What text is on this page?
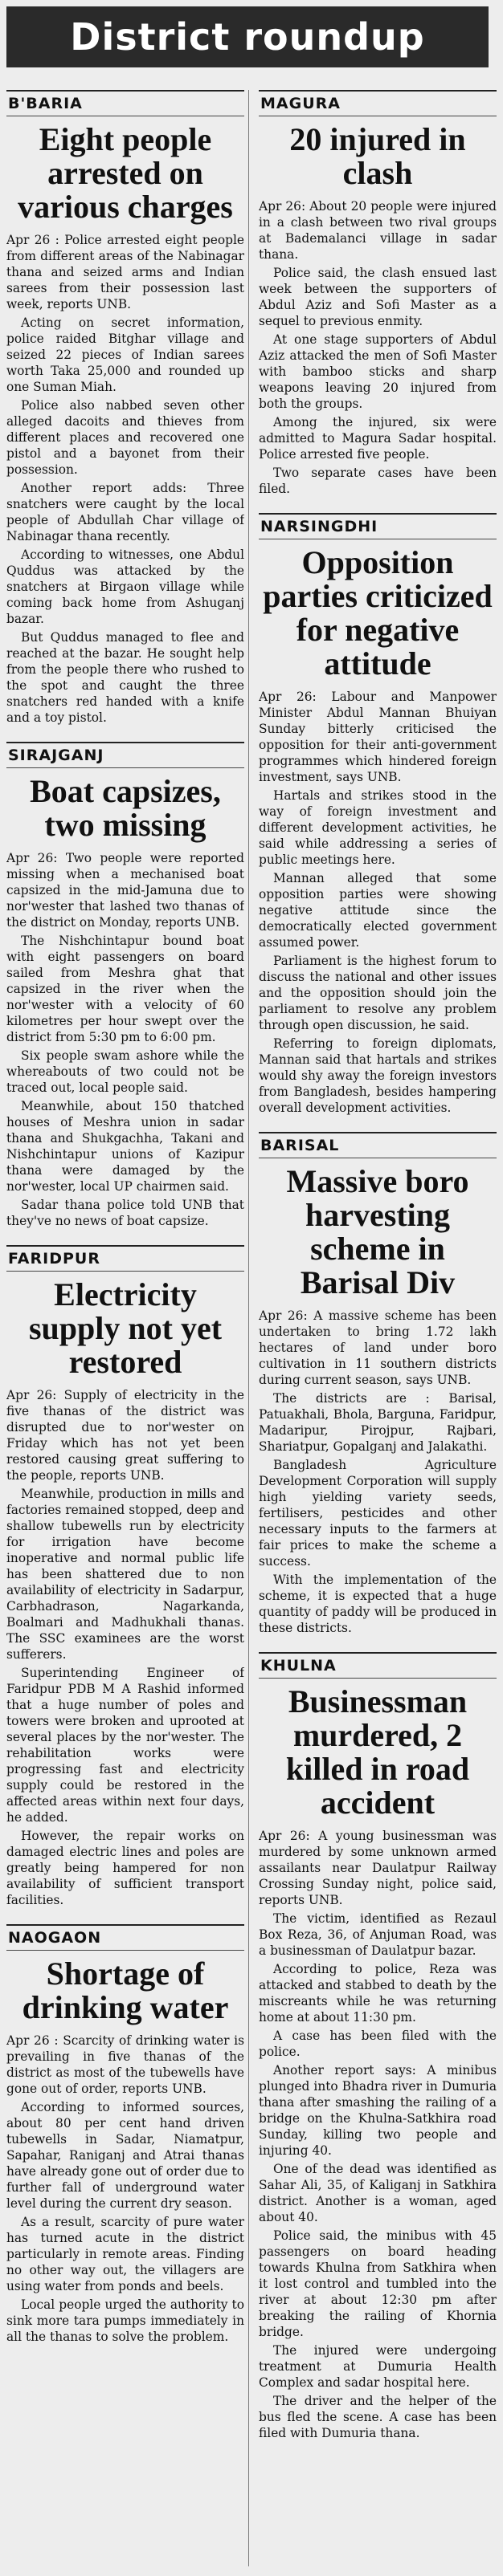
District roundup
B'BARIA
Eight people arrested on various charges

Apr 26 : Police arrested eight people from different areas of the Nabinagar thana and seized arms and Indian sarees from their possession last week, reports UNB.

Acting on secret information, police raided Bitghar village and seized 22 pieces of Indian sarees worth Taka 25,000 and rounded up one Suman Miah.

Police also nabbed seven other alleged dacoits and thieves from different places and recovered one pistol and a bayonet from their possession.

Another report adds: Three snatchers were caught by the local people of Abdullah Char village of Nabinagar thana recently.

According to witnesses, one Abdul Quddus was attacked by the snatchers at Birgaon village while coming back home from Ashuganj bazar.

But Quddus managed to flee and reached at the bazar. He sought help from the people there who rushed to the spot and caught the three snatchers red handed with a knife and a toy pistol.

SIRAJGANJ
Boat capsizes, two missing

Apr 26: Two people were reported missing when a mechanised boat capsized in the mid-Jamuna due to nor'wester that lashed two thanas of the district on Monday, reports UNB.

The Nishchintapur bound boat with eight passengers on board sailed from Meshra ghat that capsized in the river when the nor'wester with a velocity of 60 kilometres per hour swept over the district from 5:30 pm to 6:00 pm.

Six people swam ashore while the whereabouts of two could not be traced out, local people said.

Meanwhile, about 150 thatched houses of Meshra union in sadar thana and Shukgachha, Takani and Nishchintapur unions of Kazipur thana were damaged by the nor'wester, local UP chairmen said.

Sadar thana police told UNB that they've no news of boat capsize.

FARIDPUR
Electricity supply not yet restored

Apr 26: Supply of electricity in the five thanas of the district was disrupted due to nor'wester on Friday which has not yet been restored causing great suffering to the people, reports UNB.

Meanwhile, production in mills and factories remained stopped, deep and shallow tubewells run by electricity for irrigation have become inoperative and normal public life has been shattered due to non availability of electricity in Sadarpur, Carbhadrason, Nagarkanda, Boalmari and Madhukhali thanas. The SSC examinees are the worst sufferers.

Superintending Engineer of Faridpur PDB M A Rashid informed that a huge number of poles and towers were broken and uprooted at several places by the nor'wester. The rehabilitation works were progressing fast and electricity supply could be restored in the affected areas within next four days, he added.

However, the repair works on damaged electric lines and poles are greatly being hampered for non availability of sufficient transport facilities.

NAOGAON
Shortage of drinking water

Apr 26 : Scarcity of drinking water is prevailing in five thanas of the district as most of the tubewells have gone out of order, reports UNB.

According to informed sources, about 80 per cent hand driven tubewells in Sadar, Niamatpur, Sapahar, Raniganj and Atrai thanas have already gone out of order due to further fall of underground water level during the current dry season.

As a result, scarcity of pure water has turned acute in the district particularly in remote areas. Finding no other way out, the villagers are using water from ponds and beels.

Local people urged the authority to sink more tara pumps immediately in all the thanas to solve the problem.

MAGURA
20 injured in clash

Apr 26: About 20 people were injured in a clash between two rival groups at Bademalanci village in sadar thana.

Police said, the clash ensued last week between the supporters of Abdul Aziz and Sofi Master as a sequel to previous enmity.

At one stage supporters of Abdul Aziz attacked the men of Sofi Master with bamboo sticks and sharp weapons leaving 20 injured from both the groups.

Among the injured, six were admitted to Magura Sadar hospital. Police arrested five people.

Two separate cases have been filed.

NARSINGDHI
Opposition parties criticized for negative attitude

Apr 26: Labour and Manpower Minister Abdul Mannan Bhuiyan Sunday bitterly criticised the opposition for their anti-government programmes which hindered foreign investment, says UNB.

Hartals and strikes stood in the way of foreign investment and different development activities, he said while addressing a series of public meetings here.

Mannan alleged that some opposition parties were showing negative attitude since the democratically elected government assumed power.

Parliament is the highest forum to discuss the national and other issues and the opposition should join the parliament to resolve any problem through open discussion, he said.

Referring to foreign diplomats, Mannan said that hartals and strikes would shy away the foreign investors from Bangladesh, besides hampering overall development activities.

BARISAL
Massive boro harvesting scheme in Barisal Div

Apr 26: A massive scheme has been undertaken to bring 1.72 lakh hectares of land under boro cultivation in 11 southern districts during current season, says UNB.

The districts are : Barisal, Patuakhali, Bhola, Barguna, Faridpur, Madaripur, Pirojpur, Rajbari, Shariatpur, Gopalganj and Jalakathi.

Bangladesh Agriculture Development Corporation will supply high yielding variety seeds, fertilisers, pesticides and other necessary inputs to the farmers at fair prices to make the scheme a success.

With the implementation of the scheme, it is expected that a huge quantity of paddy will be produced in these districts.

KHULNA
Businessman murdered, 2 killed in road accident

Apr 26: A young businessman was murdered by some unknown armed assailants near Daulatpur Railway Crossing Sunday night, police said, reports UNB.

The victim, identified as Rezaul Box Reza, 36, of Anjuman Road, was a businessman of Daulatpur bazar.

According to police, Reza was attacked and stabbed to death by the miscreants while he was returning home at about 11:30 pm.

A case has been filed with the police.

Another report says: A minibus plunged into Bhadra river in Dumuria thana after smashing the railing of a bridge on the Khulna-Satkhira road Sunday, killing two people and injuring 40.

One of the dead was identified as Sahar Ali, 35, of Kaliganj in Satkhira district. Another is a woman, aged about 40.

Police said, the minibus with 45 passengers on board heading towards Khulna from Satkhira when it lost control and tumbled into the river at about 12:30 pm after breaking the railing of Khornia bridge.

The injured were undergoing treatment at Dumuria Health Complex and sadar hospital here.

The driver and the helper of the bus fled the scene. A case has been filed with Dumuria thana.
